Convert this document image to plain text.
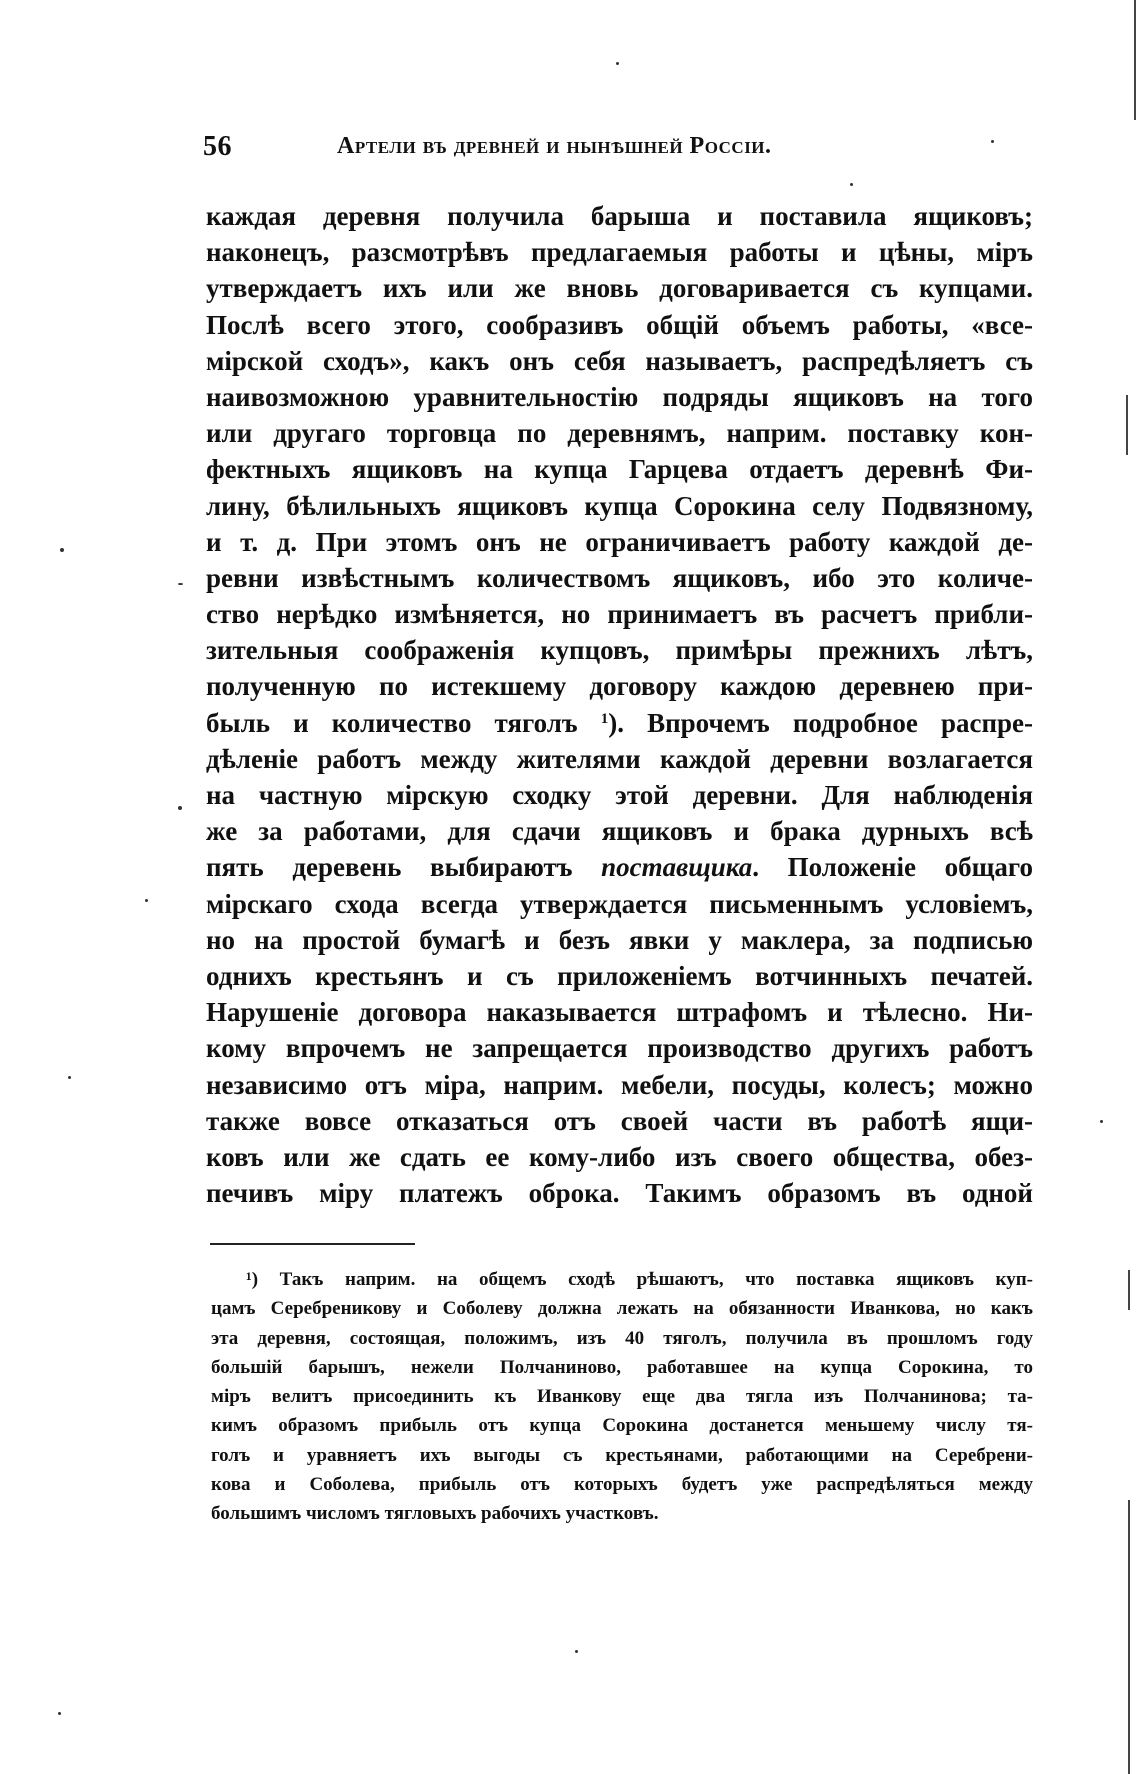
56	Артели въ древней и нынѣшней Россіи.
каждая деревня получила барыша и поставила ящиковъ;
наконецъ, разсмотрѣвъ предлагаемыя работы и цѣны, міръ
утверждаетъ ихъ или же вновь договаривается съ купцами.
Послѣ всего этого, сообразивъ общій объемъ работы, «все-
мірской сходъ», какъ онъ себя называетъ, распредѣляетъ съ
наивозможною уравнительностію подряды ящиковъ на того
или другаго торговца по деревнямъ, наприм. поставку кон-
фектныхъ ящиковъ на купца Гарцева отдаетъ деревнѣ Фи-
лину, бѣлильныхъ ящиковъ купца Сорокина селу Подвязному,
и т. д. При этомъ онъ не ограничиваетъ работу каждой де-
ревни извѣстнымъ количествомъ ящиковъ, ибо это количе-
ство нерѣдко измѣняется, но принимаетъ въ расчетъ прибли-
зительныя соображенія купцовъ, примѣры прежнихъ лѣтъ,
полученную по истекшему договору каждою деревнею при-
быль и количество тяголъ $^1$). Впрочемъ подробное распре-
дѣленіе работъ между жителями каждой деревни возлагается
на частную мірскую сходку этой деревни. Для наблюденія
же за работами, для сдачи ящиковъ и брака дурныхъ всѣ
пять деревень выбираютъ поставщика. Положеніе общаго
мірскаго схода всегда утверждается письменнымъ условіемъ,
но на простой бумагѣ и безъ явки у маклера, за подписью
однихъ крестьянъ и съ приложеніемъ вотчинныхъ печатей.
Нарушеніе договора наказывается штрафомъ и тѣлесно. Ни-
кому впрочемъ не запрещается производство другихъ работъ
независимо отъ міра, наприм. мебели, посуды, колесъ; можно
также вовсе отказаться отъ своей части въ работѣ ящи-
ковъ или же сдать ее кому-либо изъ своего общества, обез-
печивъ міру платежъ оброка. Такимъ образомъ въ одной
¹) Такъ наприм. на общемъ сходѣ рѣшаютъ, что поставка ящиковъ куп-
цамъ Серебреникову и Соболеву должна лежать на обязанности Иванкова, но какъ
эта деревня, состоящая, положимъ, изъ 40 тяголъ, получила въ прошломъ году
большій барышъ, нежели Полчаниново, работавшее на купца Сорокина, то
міръ велитъ присоединить къ Иванкову еще два тягла изъ Полчанинова; та-
кимъ образомъ прибыль отъ купца Сорокина достанется меньшему числу тя-
голъ и уравняетъ ихъ выгоды съ крестьянами, работающими на Серебрени-
кова и Соболева, прибыль отъ которыхъ будетъ уже распредѣляться между
большимъ числомъ тягловыхъ рабочихъ участковъ.
